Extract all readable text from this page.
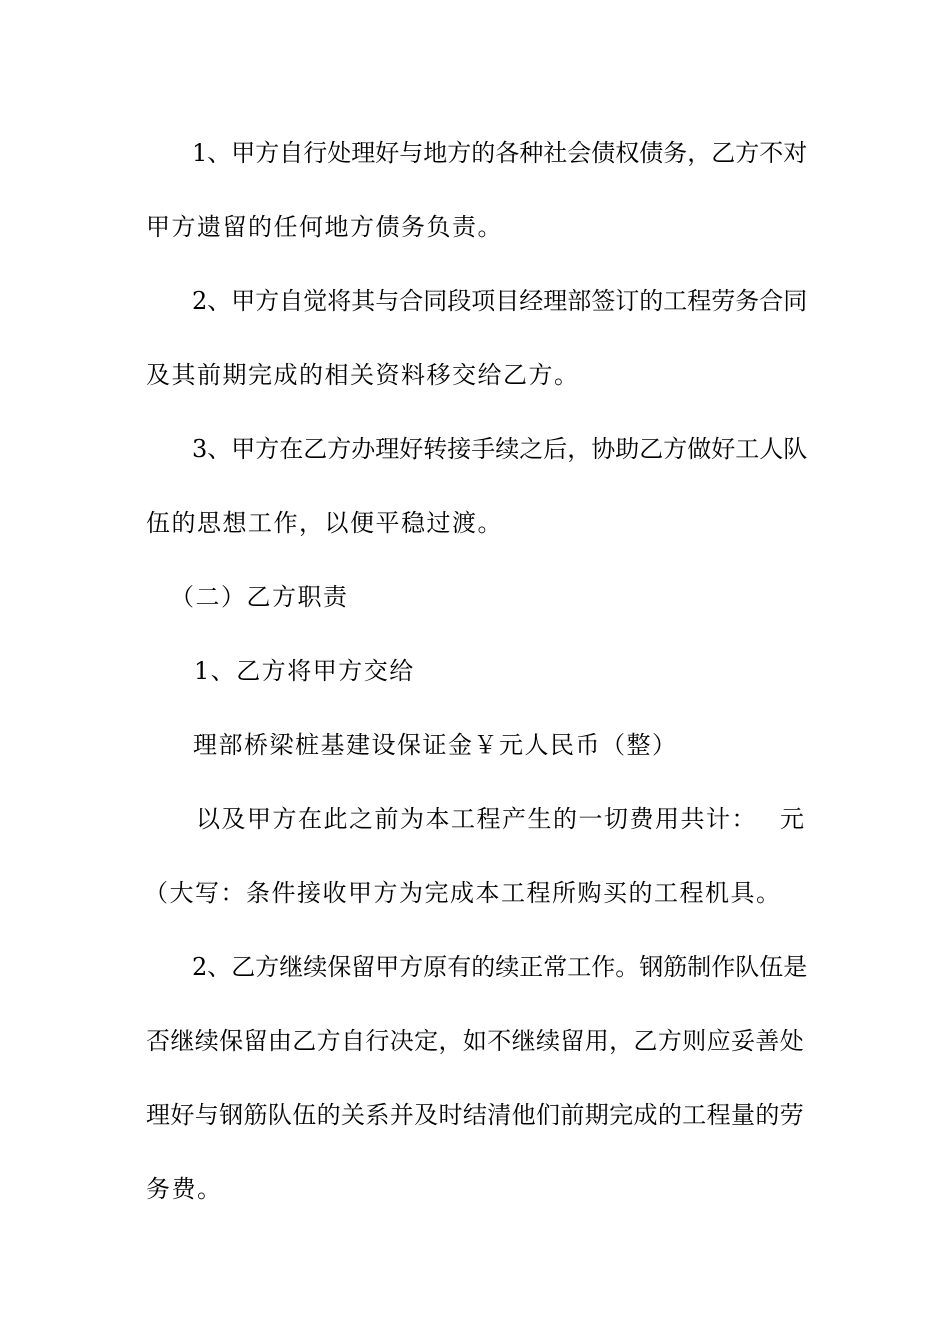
1 、 甲 方 自 行 处 理 好 与 地 方 的 各 种 社 会 债 权 债 务 ， 乙 方 不 对
甲方遗留的任何地方债务负责。
2 、 甲 方 自 觉 将 其 与 合 同 段 项 目 经 理 部 签 订 的 工 程 劳 务 合 同
及其前期完成的相关资料移交给乙方。
3 、 甲 方 在 乙 方 办 理 好 转 接 手 续 之 后 ， 协 助 乙 方 做 好 工 人 队
伍的思想工作，以便平稳过渡。
（二）乙方职责
1、乙方将甲方交给
理部桥梁桩基建设保证金￥元人民币（整）
以及甲方在此之前为本工程产生的一切费用共计： 元
（大写：条件接收甲方为完成本工程所购买的工程机具。
2 、 乙 方 继 续 保 留 甲 方 原 有 的 续 正 常 工 作 。 钢 筋 制 作 队 伍 是
否 继 续 保 留 由 乙 方 自 行 决 定 ， 如 不 继 续 留 用 ， 乙 方 则 应 妥 善 处
理 好 与 钢 筋 队 伍 的 关 系 并 及 时 结 清 他 们 前 期 完 成 的 工 程 量 的 劳
务费。
